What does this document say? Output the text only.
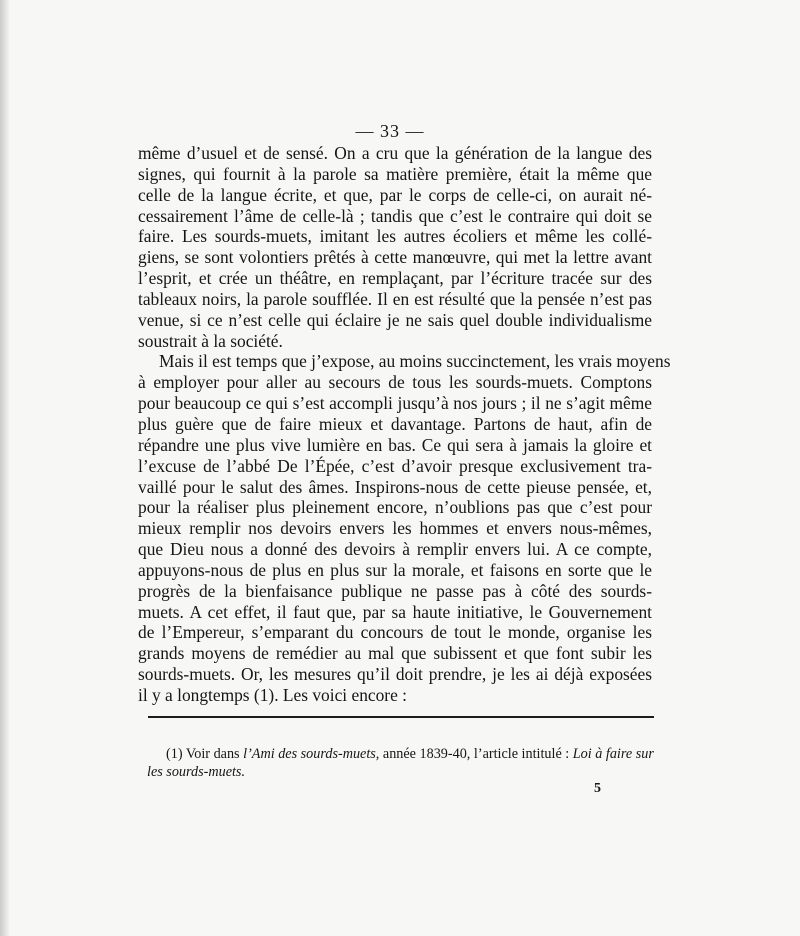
— 33 —
même d’usuel et de sensé. On a cru que la génération de la langue des
signes, qui fournit à la parole sa matière première, était la même que
celle de la langue écrite, et que, par le corps de celle-ci, on aurait né-
cessairement l’âme de celle-là ; tandis que c’est le contraire qui doit se
faire. Les sourds-muets, imitant les autres écoliers et même les collé-
giens, se sont volontiers prêtés à cette manœuvre, qui met la lettre avant
l’esprit, et crée un théâtre, en remplaçant, par l’écriture tracée sur des
tableaux noirs, la parole soufflée. Il en est résulté que la pensée n’est pas
venue, si ce n’est celle qui éclaire je ne sais quel double individualisme
soustrait à la société.
Mais il est temps que j’expose, au moins succinctement, les vrais moyens
à employer pour aller au secours de tous les sourds-muets. Comptons
pour beaucoup ce qui s’est accompli jusqu’à nos jours ; il ne s’agit même
plus guère que de faire mieux et davantage. Partons de haut, afin de
répandre une plus vive lumière en bas. Ce qui sera à jamais la gloire et
l’excuse de l’abbé De l’Épée, c’est d’avoir presque exclusivement tra-
vaillé pour le salut des âmes. Inspirons-nous de cette pieuse pensée, et,
pour la réaliser plus pleinement encore, n’oublions pas que c’est pour
mieux remplir nos devoirs envers les hommes et envers nous-mêmes,
que Dieu nous a donné des devoirs à remplir envers lui. A ce compte,
appuyons-nous de plus en plus sur la morale, et faisons en sorte que le
progrès de la bienfaisance publique ne passe pas à côté des sourds-
muets. A cet effet, il faut que, par sa haute initiative, le Gouvernement
de l’Empereur, s’emparant du concours de tout le monde, organise les
grands moyens de remédier au mal que subissent et que font subir les
sourds-muets. Or, les mesures qu’il doit prendre, je les ai déjà exposées
il y a longtemps (1). Les voici encore :
(1) Voir dans l’Ami des sourds-muets, année 1839-40, l’article intitulé : Loi à faire sur
les sourds-muets.
5
